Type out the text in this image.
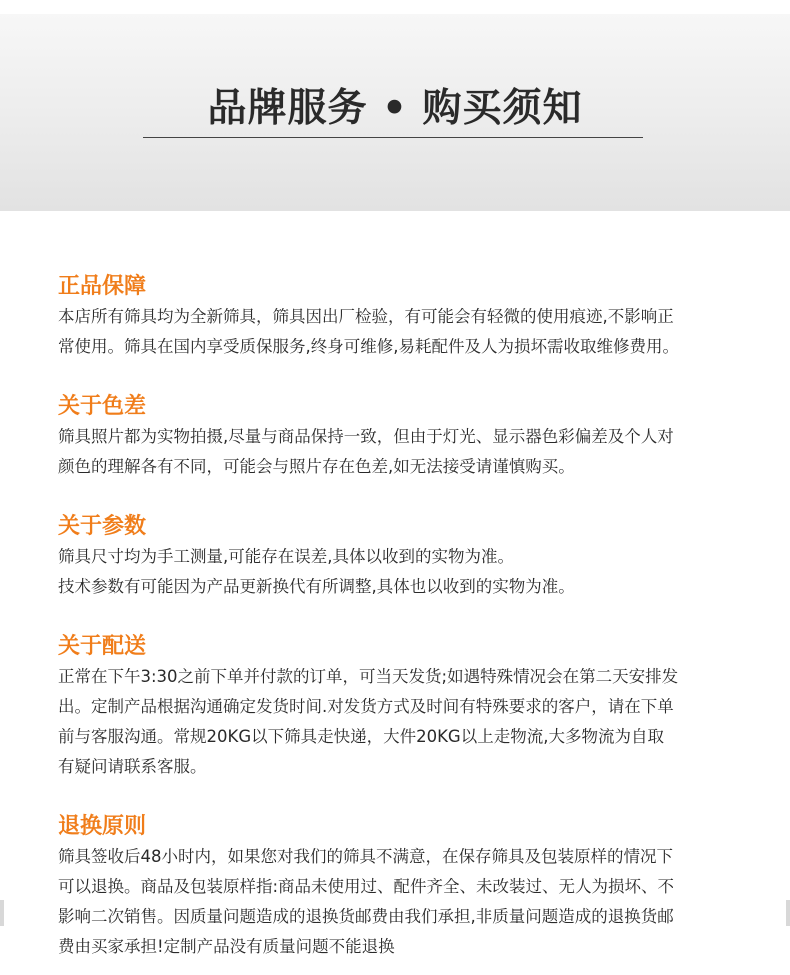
品牌服务 • 购买须知
正品保障

本店所有筛具均为全新筛具，筛具因出厂检验，有可能会有轻微的使用痕迹,不影响正
常使用。筛具在国内享受质保服务,终身可维修,易耗配件及人为损坏需收取维修费用。

关于色差

筛具照片都为实物拍摄,尽量与商品保持一致，但由于灯光、显示器色彩偏差及个人对
颜色的理解各有不同，可能会与照片存在色差,如无法接受请谨慎购买。

关于参数

筛具尺寸均为手工测量,可能存在误差,具体以收到的实物为准。
技术参数有可能因为产品更新换代有所调整,具体也以收到的实物为准。

关于配送

正常在下午3:30之前下单并付款的订单，可当天发货;如遇特殊情况会在第二天安排发
出。定制产品根据沟通确定发货时间.对发货方式及时间有特殊要求的客户，请在下单
前与客服沟通。常规20KG以下筛具走快递，大件20KG以上走物流,大多物流为自取
有疑问请联系客服。

退换原则

筛具签收后48小时内，如果您对我们的筛具不满意，在保存筛具及包装原样的情况下
可以退换。商品及包装原样指:商品未使用过、配件齐全、未改装过、无人为损坏、不
影响二次销售。因质量问题造成的退换货邮费由我们承担,非质量问题造成的退换货邮
费由买家承担!定制产品没有质量问题不能退换
